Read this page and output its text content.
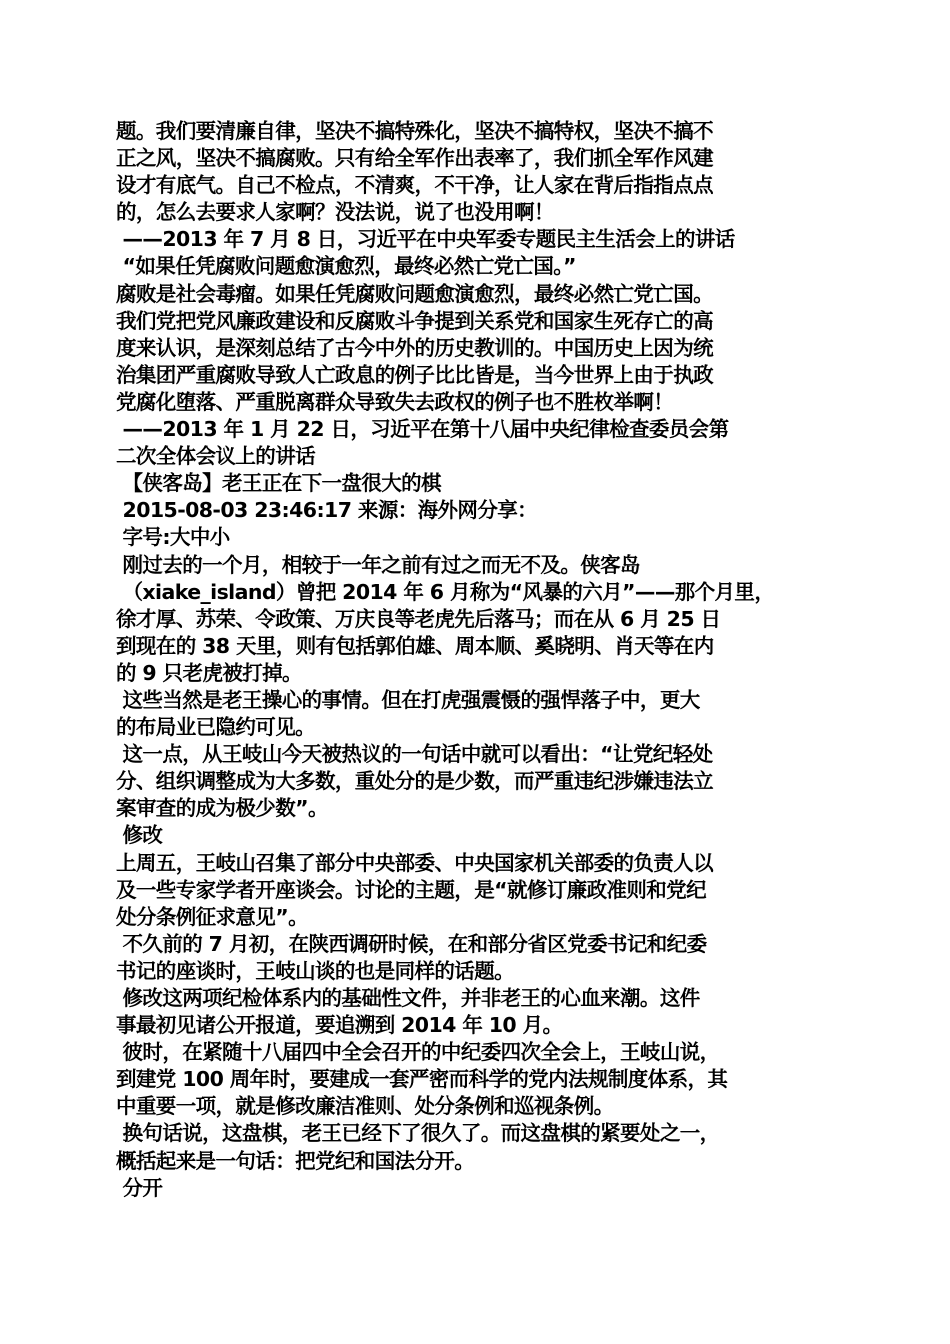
题。我们要清廉自律，坚决不搞特殊化，坚决不搞特权，坚决不搞不
正之风，坚决不搞腐败。只有给全军作出表率了，我们抓全军作风建
设才有底气。自己不检点，不清爽，不干净，让人家在背后指指点点
的，怎么去要求人家啊？没法说，说了也没用啊！
——2013 年 7 月 8 日，习近平在中央军委专题民主生活会上的讲话
“如果任凭腐败问题愈演愈烈，最终必然亡党亡国。”
腐败是社会毒瘤。如果任凭腐败问题愈演愈烈，最终必然亡党亡国。
我们党把党风廉政建设和反腐败斗争提到关系党和国家生死存亡的高
度来认识，是深刻总结了古今中外的历史教训的。中国历史上因为统
治集团严重腐败导致人亡政息的例子比比皆是，当今世界上由于执政
党腐化堕落、严重脱离群众导致失去政权的例子也不胜枚举啊！
——2013 年 1 月 22 日，习近平在第十八届中央纪律检查委员会第
二次全体会议上的讲话
【侠客岛】老王正在下一盘很大的棋
2015-08-03 23:46:17 来源：海外网分享：
字号:大中小
刚过去的一个月，相较于一年之前有过之而无不及。侠客岛
（xiake_island）曾把 2014 年 6 月称为“风暴的六月”——那个月里，
徐才厚、苏荣、令政策、万庆良等老虎先后落马；而在从 6 月 25 日
到现在的 38 天里，则有包括郭伯雄、周本顺、奚晓明、肖天等在内
的 9 只老虎被打掉。
这些当然是老王操心的事情。但在打虎强震慑的强悍落子中，更大
的布局业已隐约可见。
这一点，从王岐山今天被热议的一句话中就可以看出：“让党纪轻处
分、组织调整成为大多数，重处分的是少数，而严重违纪涉嫌违法立
案审查的成为极少数”。
修改
上周五，王岐山召集了部分中央部委、中央国家机关部委的负责人以
及一些专家学者开座谈会。讨论的主题，是“就修订廉政准则和党纪
处分条例征求意见”。
不久前的 7 月初，在陕西调研时候，在和部分省区党委书记和纪委
书记的座谈时，王岐山谈的也是同样的话题。
修改这两项纪检体系内的基础性文件，并非老王的心血来潮。这件
事最初见诸公开报道，要追溯到 2014 年 10 月。
彼时，在紧随十八届四中全会召开的中纪委四次全会上，王岐山说，
到建党 100 周年时，要建成一套严密而科学的党内法规制度体系，其
中重要一项，就是修改廉洁准则、处分条例和巡视条例。
换句话说，这盘棋，老王已经下了很久了。而这盘棋的紧要处之一，
概括起来是一句话：把党纪和国法分开。
分开
